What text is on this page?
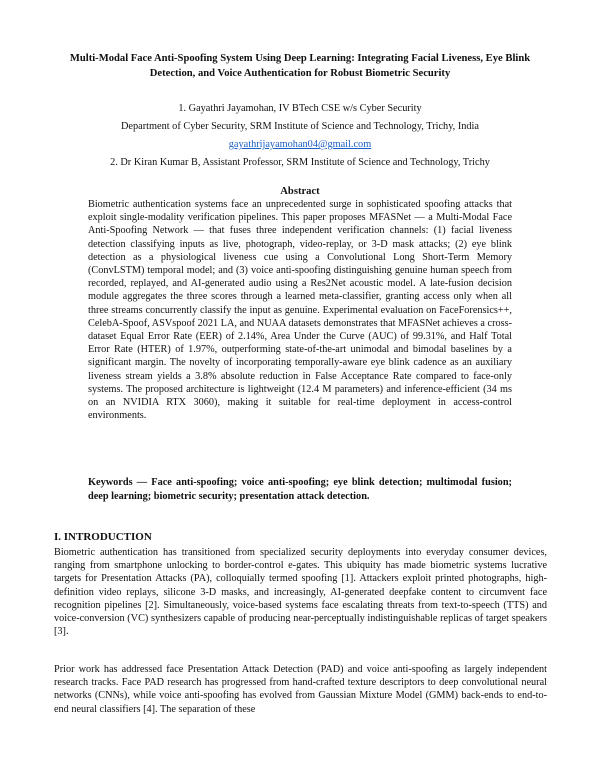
Multi-Modal Face Anti-Spoofing System Using Deep Learning: Integrating Facial Liveness, Eye Blink Detection, and Voice Authentication for Robust Biometric Security
1. Gayathri Jayamohan, IV BTech CSE w/s Cyber Security
Department of Cyber Security, SRM Institute of Science and Technology, Trichy, India
gayathrijayamohan04@gmail.com
2. Dr Kiran Kumar B, Assistant Professor, SRM Institute of Science and Technology, Trichy
Abstract

Biometric authentication systems face an unprecedented surge in sophisticated spoofing attacks that exploit single-modality verification pipelines. This paper proposes MFASNet — a Multi-Modal Face Anti-Spoofing Network — that fuses three independent verification channels: (1) facial liveness detection classifying inputs as live, photograph, video-replay, or 3-D mask attacks; (2) eye blink detection as a physiological liveness cue using a Convolutional Long Short-Term Memory (ConvLSTM) temporal model; and (3) voice anti-spoofing distinguishing genuine human speech from recorded, replayed, and AI-generated audio using a Res2Net acoustic model. A late-fusion decision module aggregates the three scores through a learned meta-classifier, granting access only when all three streams concurrently classify the input as genuine. Experimental evaluation on FaceForensics++, CelebA-Spoof, ASVspoof 2021 LA, and NUAA datasets demonstrates that MFASNet achieves a cross-dataset Equal Error Rate (EER) of 2.14%, Area Under the Curve (AUC) of 99.31%, and Half Total Error Rate (HTER) of 1.97%, outperforming state-of-the-art unimodal and bimodal baselines by a significant margin. The novelty of incorporating temporally-aware eye blink cadence as an auxiliary liveness stream yields a 3.8% absolute reduction in False Acceptance Rate compared to face-only systems. The proposed architecture is lightweight (12.4 M parameters) and inference-efficient (34 ms on an NVIDIA RTX 3060), making it suitable for real-time deployment in access-control environments.

Keywords — Face anti-spoofing; voice anti-spoofing; eye blink detection; multimodal fusion; deep learning; biometric security; presentation attack detection.

I. INTRODUCTION

Biometric authentication has transitioned from specialized security deployments into everyday consumer devices, ranging from smartphone unlocking to border-control e-gates. This ubiquity has made biometric systems lucrative targets for Presentation Attacks (PA), colloquially termed spoofing [1]. Attackers exploit printed photographs, high-definition video replays, silicone 3-D masks, and increasingly, AI-generated deepfake content to circumvent face recognition pipelines [2]. Simultaneously, voice-based systems face escalating threats from text-to-speech (TTS) and voice-conversion (VC) synthesizers capable of producing near-perceptually indistinguishable replicas of target speakers [3].

Prior work has addressed face Presentation Attack Detection (PAD) and voice anti-spoofing as largely independent research tracks. Face PAD research has progressed from hand-crafted texture descriptors to deep convolutional neural networks (CNNs), while voice anti-spoofing has evolved from Gaussian Mixture Model (GMM) back-ends to end-to-end neural classifiers [4]. The separation of these
